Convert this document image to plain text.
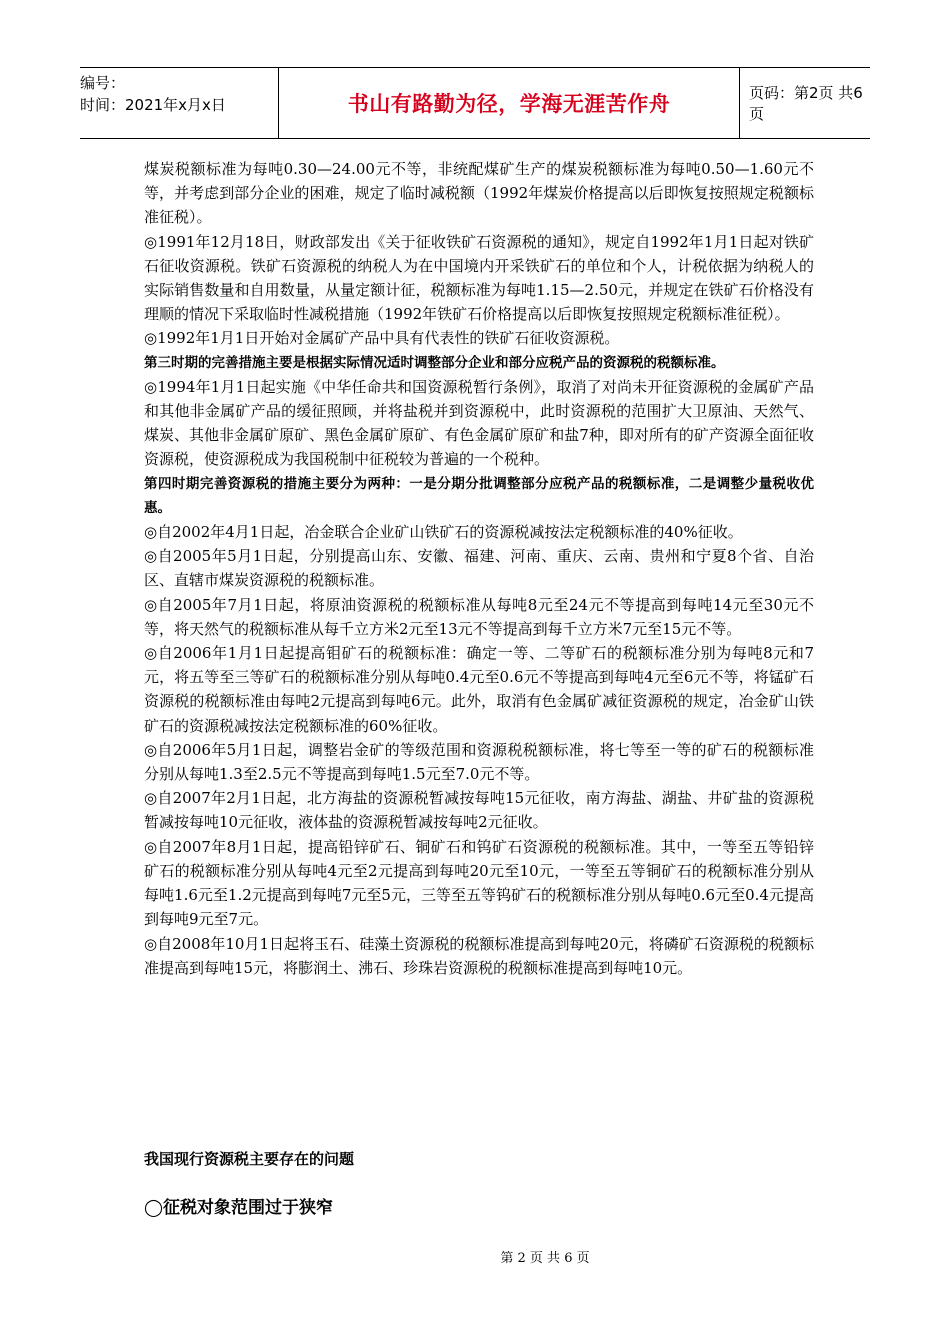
编号：
时间：2021年x月x日	书山有路勤为径，学海无涯苦作舟	页码：第2页 共6页

煤炭税额标准为每吨0.30—24.00元不等，非统配煤矿生产的煤炭税额标准为每吨0.50—1.60元不等，并考虑到部分企业的困难，规定了临时减税额（1992年煤炭价格提高以后即恢复按照规定税额标准征税）。

◎1991年12月18日，财政部发出《关于征收铁矿石资源税的通知》，规定自1992年1月1日起对铁矿石征收资源税。铁矿石资源税的纳税人为在中国境内开采铁矿石的单位和个人，计税依据为纳税人的实际销售数量和自用数量，从量定额计征，税额标准为每吨1.15—2.50元，并规定在铁矿石价格没有理顺的情况下采取临时性减税措施（1992年铁矿石价格提高以后即恢复按照规定税额标准征税）。

◎1992年1月1日开始对金属矿产品中具有代表性的铁矿石征收资源税。

第三时期的完善措施主要是根据实际情况适时调整部分企业和部分应税产品的资源税的税额标准。

◎1994年1月1日起实施《中华任命共和国资源税暂行条例》，取消了对尚未开征资源税的金属矿产品和其他非金属矿产品的缓征照顾，并将盐税并到资源税中，此时资源税的范围扩大卫原油、天然气、煤炭、其他非金属矿原矿、黑色金属矿原矿、有色金属矿原矿和盐7种，即对所有的矿产资源全面征收资源税，使资源税成为我国税制中征税较为普遍的一个税种。

第四时期完善资源税的措施主要分为两种：一是分期分批调整部分应税产品的税额标准，二是调整少量税收优惠。

◎自2002年4月1日起，冶金联合企业矿山铁矿石的资源税减按法定税额标准的40%征收。

◎自2005年5月1日起，分别提高山东、安徽、福建、河南、重庆、云南、贵州和宁夏8个省、自治区、直辖市煤炭资源税的税额标准。

◎自2005年7月1日起，将原油资源税的税额标准从每吨8元至24元不等提高到每吨14元至30元不等，将天然气的税额标准从每千立方米2元至13元不等提高到每千立方米7元至15元不等。

◎自2006年1月1日起提高钼矿石的税额标准：确定一等、二等矿石的税额标准分别为每吨8元和7元，将五等至三等矿石的税额标准分别从每吨0.4元至0.6元不等提高到每吨4元至6元不等，将锰矿石资源税的税额标准由每吨2元提高到每吨6元。此外，取消有色金属矿减征资源税的规定，冶金矿山铁矿石的资源税减按法定税额标准的60%征收。

◎自2006年5月1日起，调整岩金矿的等级范围和资源税税额标准，将七等至一等的矿石的税额标准分别从每吨1.3至2.5元不等提高到每吨1.5元至7.0元不等。

◎自2007年2月1日起，北方海盐的资源税暂减按每吨15元征收，南方海盐、湖盐、井矿盐的资源税暂减按每吨10元征收，液体盐的资源税暂减按每吨2元征收。

◎自2007年8月1日起，提高铅锌矿石、铜矿石和钨矿石资源税的税额标准。其中，一等至五等铅锌矿石的税额标准分别从每吨4元至2元提高到每吨20元至10元，一等至五等铜矿石的税额标准分别从每吨1.6元至1.2元提高到每吨7元至5元，三等至五等钨矿石的税额标准分别从每吨0.6元至0.4元提高到每吨9元至7元。

◎自2008年10月1日起将玉石、硅藻土资源税的税额标准提高到每吨20元，将磷矿石资源税的税额标准提高到每吨15元，将膨润土、沸石、珍珠岩资源税的税额标准提高到每吨10元。

我国现行资源税主要存在的问题
◯征税对象范围过于狭窄
第 2 页 共 6 页
